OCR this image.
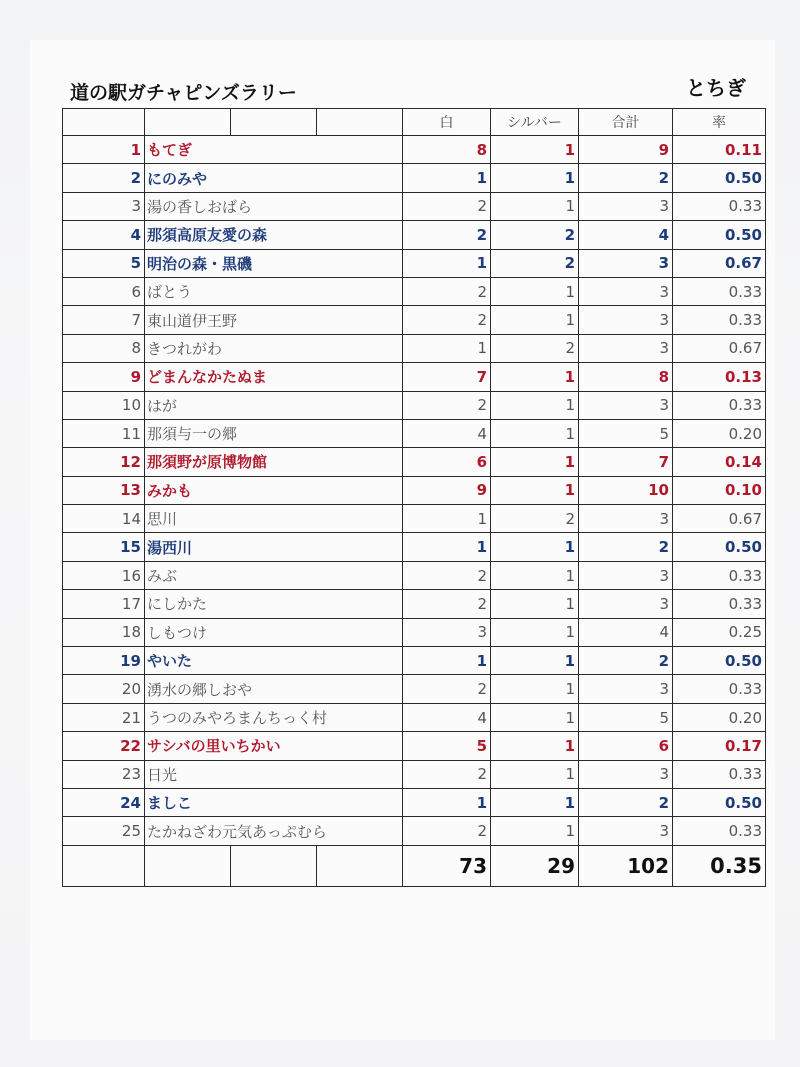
道の駅ガチャピンズラリー	とちぎ
				白	シルバー	合計	率
1	もてぎ			8	1	9	0.11
2	にのみや			1	1	2	0.50
3	湯の香しおばら			2	1	3	0.33
4	那須高原友愛の森			2	2	4	0.50
5	明治の森・黒磯			1	2	3	0.67
6	ばとう			2	1	3	0.33
7	東山道伊王野			2	1	3	0.33
8	きつれがわ			1	2	3	0.67
9	どまんなかたぬま			7	1	8	0.13
10	はが			2	1	3	0.33
11	那須与一の郷			4	1	5	0.20
12	那須野が原博物館			6	1	7	0.14
13	みかも			9	1	10	0.10
14	思川			1	2	3	0.67
15	湯西川			1	1	2	0.50
16	みぶ			2	1	3	0.33
17	にしかた			2	1	3	0.33
18	しもつけ			3	1	4	0.25
19	やいた			1	1	2	0.50
20	湧水の郷しおや			2	1	3	0.33
21	うつのみやろまんちっく村			4	1	5	0.20
22	サシバの里いちかい			5	1	6	0.17
23	日光			2	1	3	0.33
24	ましこ			1	1	2	0.50
25	たかねざわ元気あっぷむら			2	1	3	0.33
				73	29	102	0.35
